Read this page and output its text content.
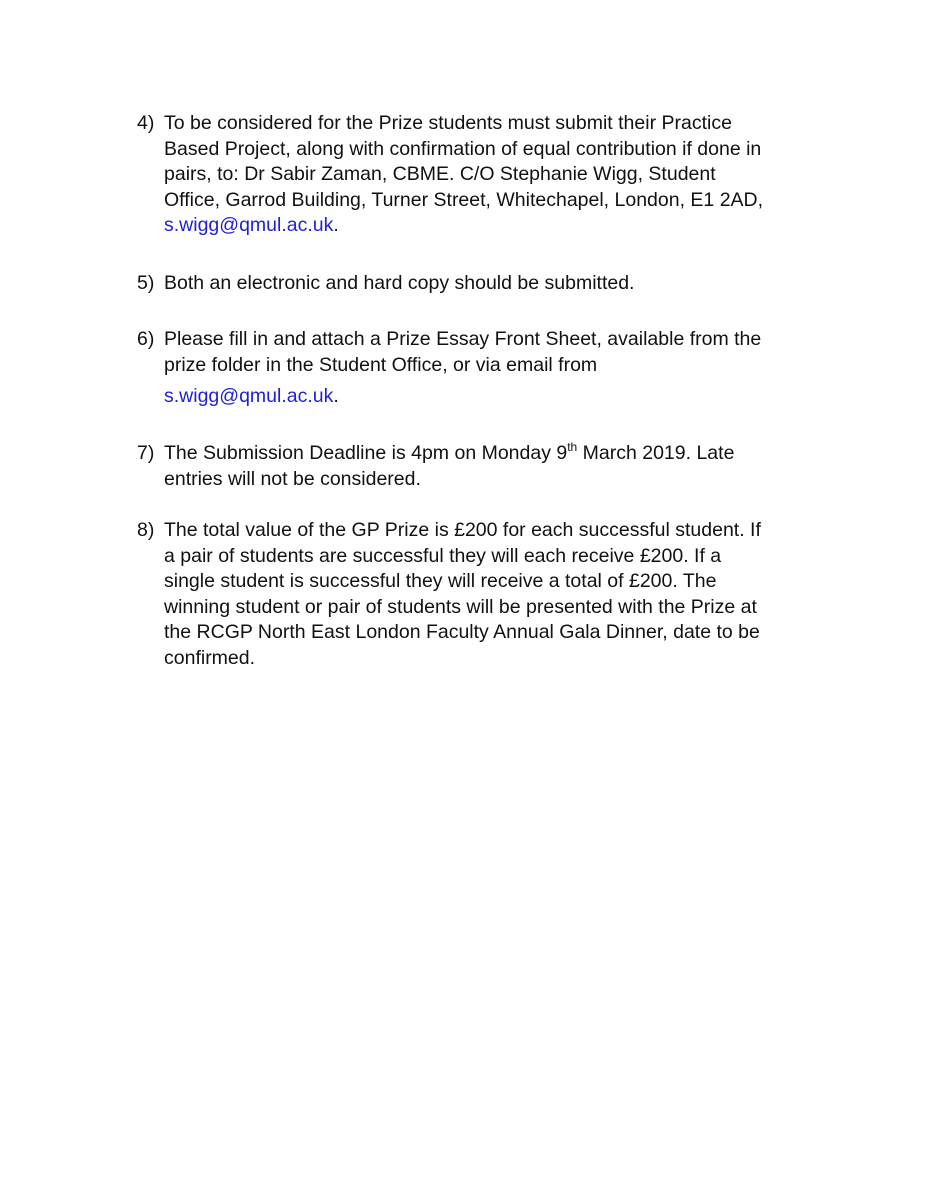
4) To be considered for the Prize students must submit their Practice
Based Project, along with confirmation of equal contribution if done in
pairs, to: Dr Sabir Zaman, CBME. C/O Stephanie Wigg, Student
Office, Garrod Building, Turner Street, Whitechapel, London, E1 2AD,
s.wigg@qmul.ac.uk.
5) Both an electronic and hard copy should be submitted.
6) Please fill in and attach a Prize Essay Front Sheet, available from the
prize folder in the Student Office, or via email from
s.wigg@qmul.ac.uk.
7) The Submission Deadline is 4pm on Monday 9th March 2019. Late
entries will not be considered.
8) The total value of the GP Prize is £200 for each successful student. If
a pair of students are successful they will each receive £200. If a
single student is successful they will receive a total of £200. The
winning student or pair of students will be presented with the Prize at
the RCGP North East London Faculty Annual Gala Dinner, date to be
confirmed.
